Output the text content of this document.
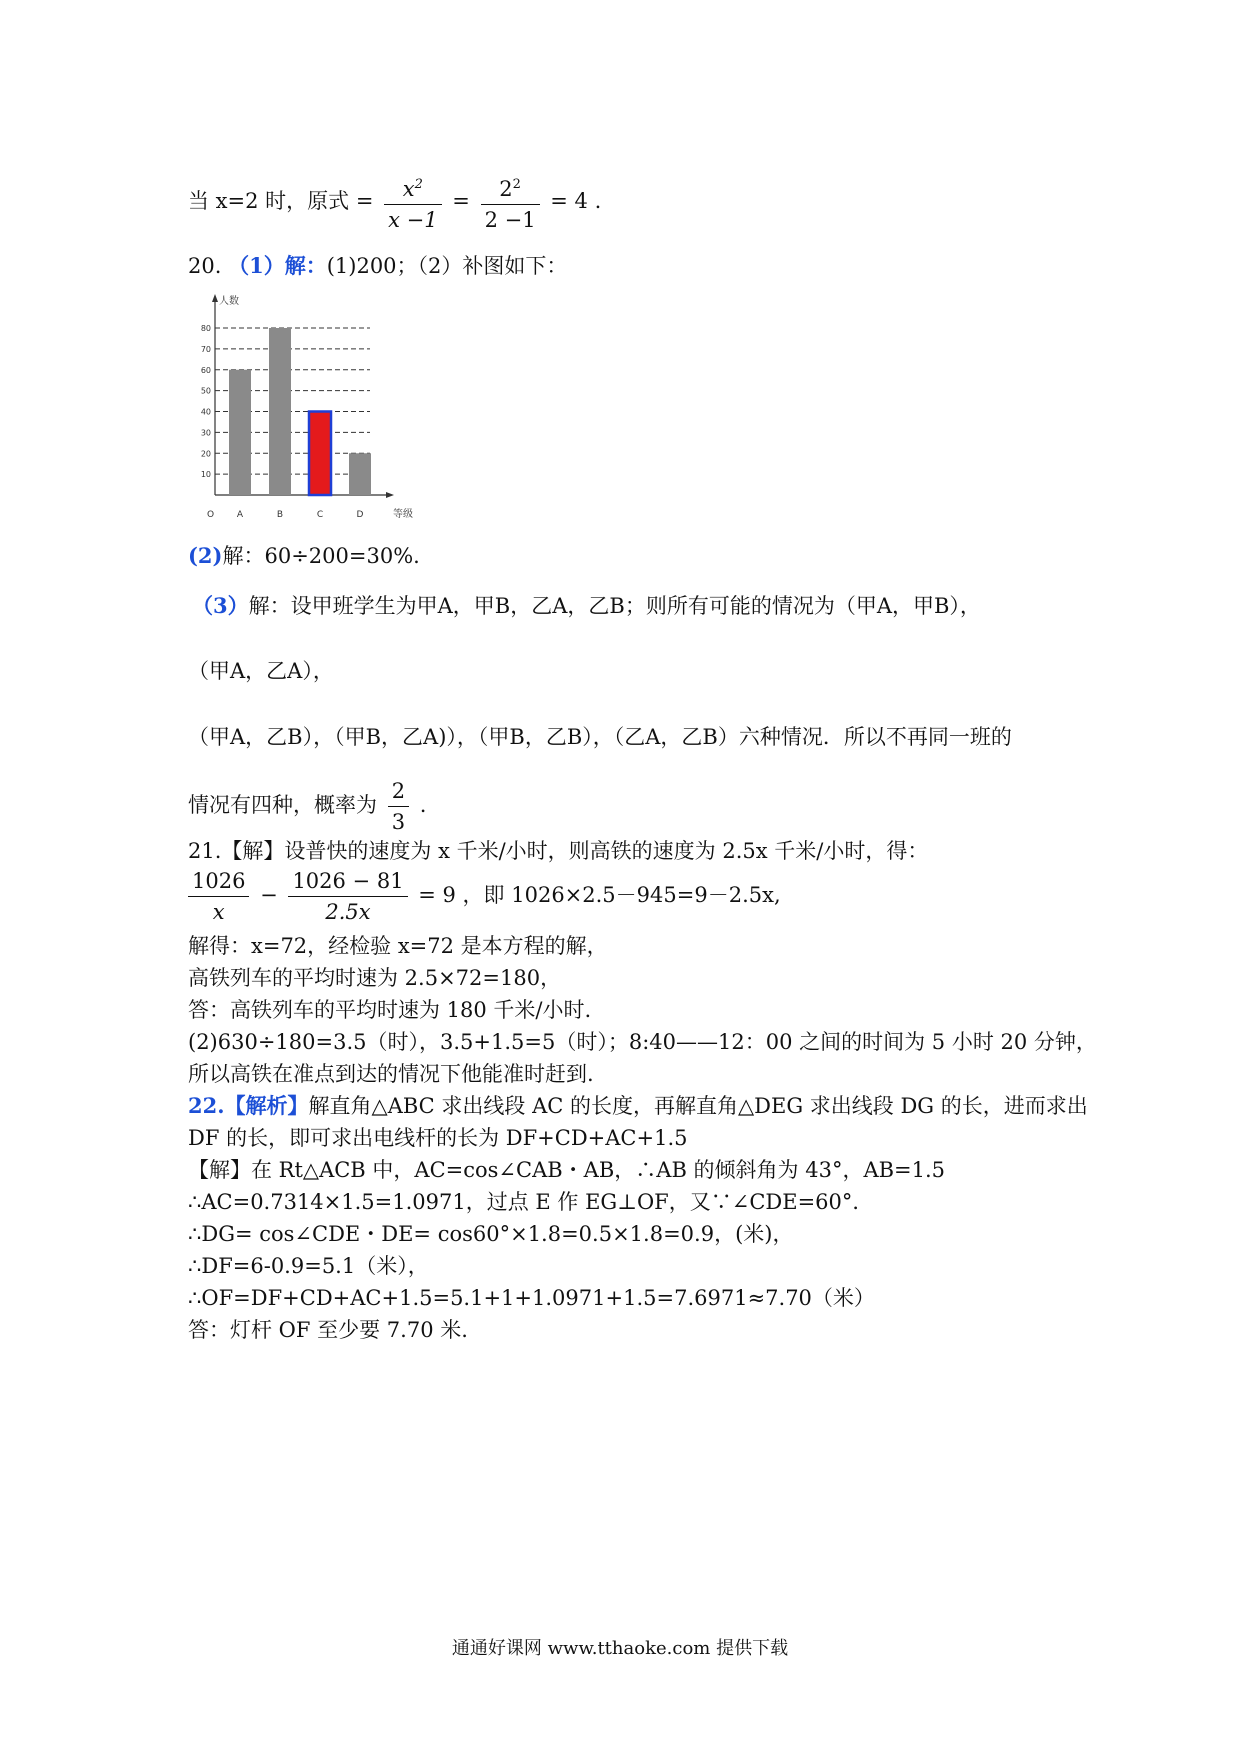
当 x=2 时，原式 = $\frac{x^2}{x -1} = \frac{2^2}{2 -1} = 4$ .
20. （1）解：(1)200；（2）补图如下：
10
20
30
40
50
60
70
80
人数
等级
O	A	B	C	D
(2)解：60÷200=30%.
（3）解：设甲班学生为甲A，甲B，乙A，乙B；则所有可能的情况为（甲A，甲B），
（甲A，乙A），
（甲A，乙B），（甲B，乙A)），（甲B，乙B），（乙A，乙B）六种情况．所以不再同一班的
情况有四种，概率为 $\frac{2}{3}$ .
21.【解】设普快的速度为 x 千米/小时，则高铁的速度为 2.5x 千米/小时，得：
$\frac{1026}{x} - \frac{1026 - 81}{2.5x} = 9$ ，即 1026×2.5－945=9－2.5x,
解得：x=72，经检验 x=72 是本方程的解，
高铁列车的平均时速为 2.5×72=180，
答：高铁列车的平均时速为 180 千米/小时.
(2)630÷180=3.5（时），3.5+1.5=5（时）；8:40——12：00 之间的时间为 5 小时 20 分钟，
所以高铁在准点到达的情况下他能准时赶到.
22.【解析】解直角△ABC 求出线段 AC 的长度，再解直角△DEG 求出线段 DG 的长，进而求出
DF 的长，即可求出电线杆的长为 DF+CD+AC+1.5
【解】在 Rt△ACB 中，AC=cos∠CAB・AB，∴AB 的倾斜角为 43°，AB=1.5
∴AC=0.7314×1.5=1.0971，过点 E 作 EG⊥OF，又∵∠CDE=60°．
∴DG= cos∠CDE・DE= cos60°×1.8=0.5×1.8=0.9，(米)，
∴DF=6-0.9=5.1（米），
∴OF=DF+CD+AC+1.5=5.1+1+1.0971+1.5=7.6971≈7.70（米）
答：灯杆 OF 至少要 7.70 米.
通通好课网 www.tthaoke.com 提供下载
